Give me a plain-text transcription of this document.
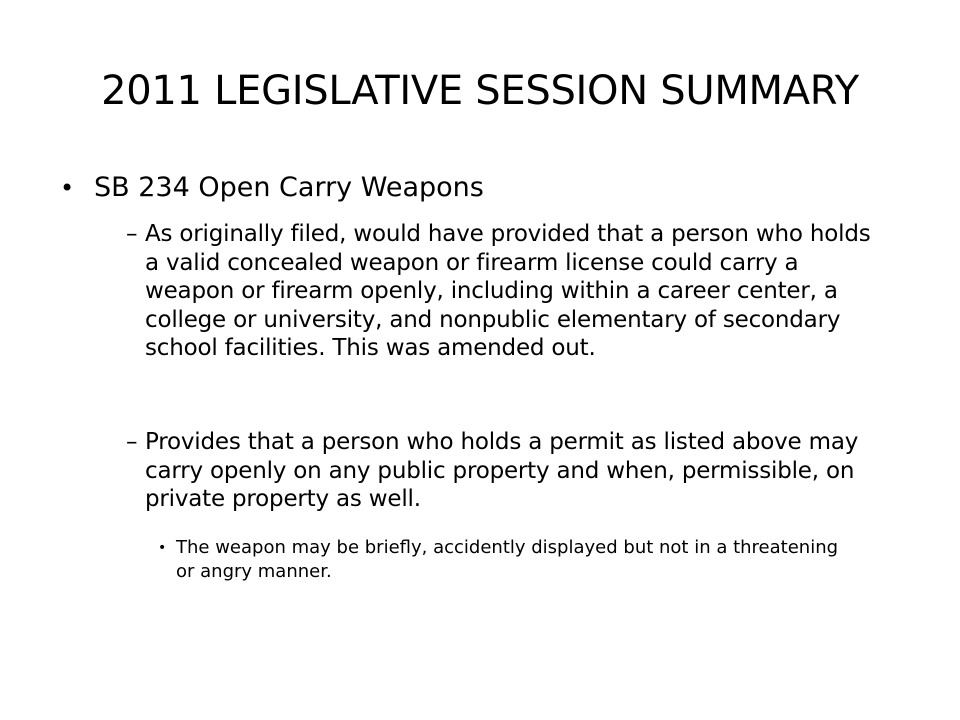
2011 LEGISLATIVE SESSION SUMMARY
• SB 234 Open Carry Weapons
– As originally filed, would have provided that a person who holds a valid concealed weapon or firearm license could carry a weapon or firearm openly, including within a career center, a college or university, and nonpublic elementary of secondary school facilities. This was amended out.
– Provides that a person who holds a permit as listed above may carry openly on any public property and when, permissible, on private property as well.
• The weapon may be briefly, accidently displayed but not in a threatening or angry manner.
